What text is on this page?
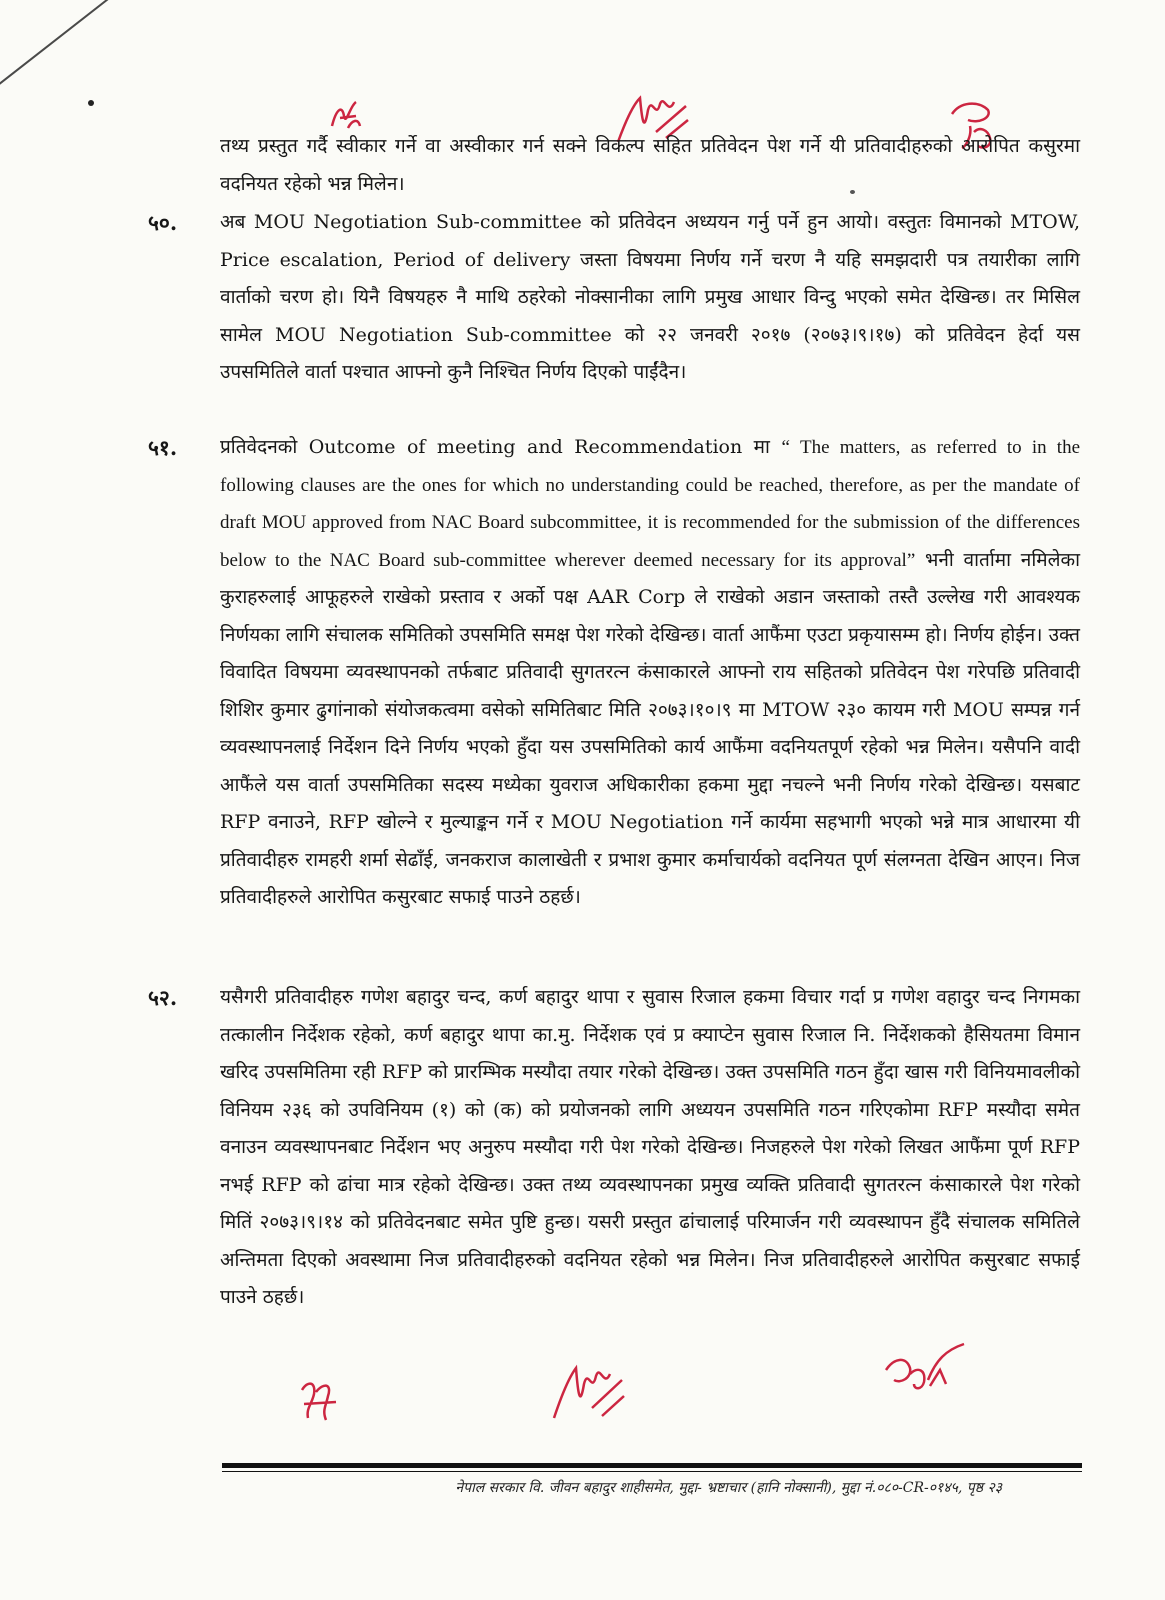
तथ्य प्रस्तुत गर्दै स्वीकार गर्ने वा अस्वीकार गर्न सक्ने विकल्प सहित प्रतिवेदन पेश गर्ने यी प्रतिवादीहरुको आरोपित कसुरमा वदनियत रहेको भन्न मिलेन।
५०. अब MOU Negotiation Sub-committee को प्रतिवेदन अध्ययन गर्नु पर्ने हुन आयो। वस्तुतः विमानको MTOW, Price escalation, Period of delivery जस्ता विषयमा निर्णय गर्ने चरण नै यहि समझदारी पत्र तयारीका लागि वार्ताको चरण हो। यिनै विषयहरु नै माथि ठहरेको नोक्सानीका लागि प्रमुख आधार विन्दु भएको समेत देखिन्छ। तर मिसिल सामेल MOU Negotiation Sub-committee को २२ जनवरी २०१७ (२०७३।९।१७) को प्रतिवेदन हेर्दा यस उपसमितिले वार्ता पश्चात आफ्नो कुनै निश्चित निर्णय दिएको पाईंदैन।
५१. प्रतिवेदनको Outcome of meeting and Recommendation मा “ The matters, as referred to in the following clauses are the ones for which no understanding could be reached, therefore, as per the mandate of draft MOU approved from NAC Board subcommittee, it is recommended for the submission of the differences below to the NAC Board sub-committee wherever deemed necessary for its approval” भनी वार्तामा नमिलेका कुराहरुलाई आफूहरुले राखेको प्रस्ताव र अर्को पक्ष AAR Corp ले राखेको अडान जस्ताको तस्तै उल्लेख गरी आवश्यक निर्णयका लागि संचालक समितिको उपसमिति समक्ष पेश गरेको देखिन्छ। वार्ता आफैंमा एउटा प्रकृयासम्म हो। निर्णय होईन। उक्त विवादित विषयमा व्यवस्थापनको तर्फबाट प्रतिवादी सुगतरत्न कंसाकारले आफ्नो राय सहितको प्रतिवेदन पेश गरेपछि प्रतिवादी शिशिर कुमार ढुगांनाको संयोजकत्वमा वसेको समितिबाट मिति २०७३।१०।९ मा MTOW २३० कायम गरी MOU सम्पन्न गर्न व्यवस्थापनलाई निर्देशन दिने निर्णय भएको हुँदा यस उपसमितिको कार्य आफैंमा वदनियतपूर्ण रहेको भन्न मिलेन। यसैपनि वादी आफैंले यस वार्ता उपसमितिका सदस्य मध्येका युवराज अधिकारीका हकमा मुद्दा नचल्ने भनी निर्णय गरेको देखिन्छ। यसबाट RFP वनाउने, RFP खोल्ने र मुल्याङ्कन गर्ने र MOU Negotiation गर्ने कार्यमा सहभागी भएको भन्ने मात्र आधारमा यी प्रतिवादीहरु रामहरी शर्मा सेढाँई, जनकराज कालाखेती र प्रभाश कुमार कर्माचार्यको वदनियत पूर्ण संलग्नता देखिन आएन। निज प्रतिवादीहरुले आरोपित कसुरबाट सफाई पाउने ठहर्छ।
५२. यसैगरी प्रतिवादीहरु गणेश बहादुर चन्द, कर्ण बहादुर थापा र सुवास रिजाल हकमा विचार गर्दा प्र गणेश वहादुर चन्द निगमका तत्कालीन निर्देशक रहेको, कर्ण बहादुर थापा का.मु. निर्देशक एवं प्र क्याप्टेन सुवास रिजाल नि. निर्देशकको हैसियतमा विमान खरिद उपसमितिमा रही RFP को प्रारम्भिक मस्यौदा तयार गरेको देखिन्छ। उक्त उपसमिति गठन हुँदा खास गरी विनियमावलीको विनियम २३६ को उपविनियम (१) को (क) को प्रयोजनको लागि अध्ययन उपसमिति गठन गरिएकोमा RFP मस्यौदा समेत वनाउन व्यवस्थापनबाट निर्देशन भए अनुरुप मस्यौदा गरी पेश गरेको देखिन्छ। निजहरुले पेश गरेको लिखत आफैंमा पूर्ण RFP नभई RFP को ढांचा मात्र रहेको देखिन्छ। उक्त तथ्य व्यवस्थापनका प्रमुख व्यक्ति प्रतिवादी सुगतरत्न कंसाकारले पेश गरेको मितिं २०७३।९।१४ को प्रतिवेदनबाट समेत पुष्टि हुन्छ। यसरी प्रस्तुत ढांचालाई परिमार्जन गरी व्यवस्थापन हुँदै संचालक समितिले अन्तिमता दिएको अवस्थामा निज प्रतिवादीहरुको वदनियत रहेको भन्न मिलेन। निज प्रतिवादीहरुले आरोपित कसुरबाट सफाई पाउने ठहर्छ।
नेपाल सरकार वि. जीवन बहादुर शाहीसमेत, मुद्दा- भ्रष्टाचार (हानि नोक्सानी), मुद्दा नं.०८०-CR-०१४५, पृष्ठ २३
